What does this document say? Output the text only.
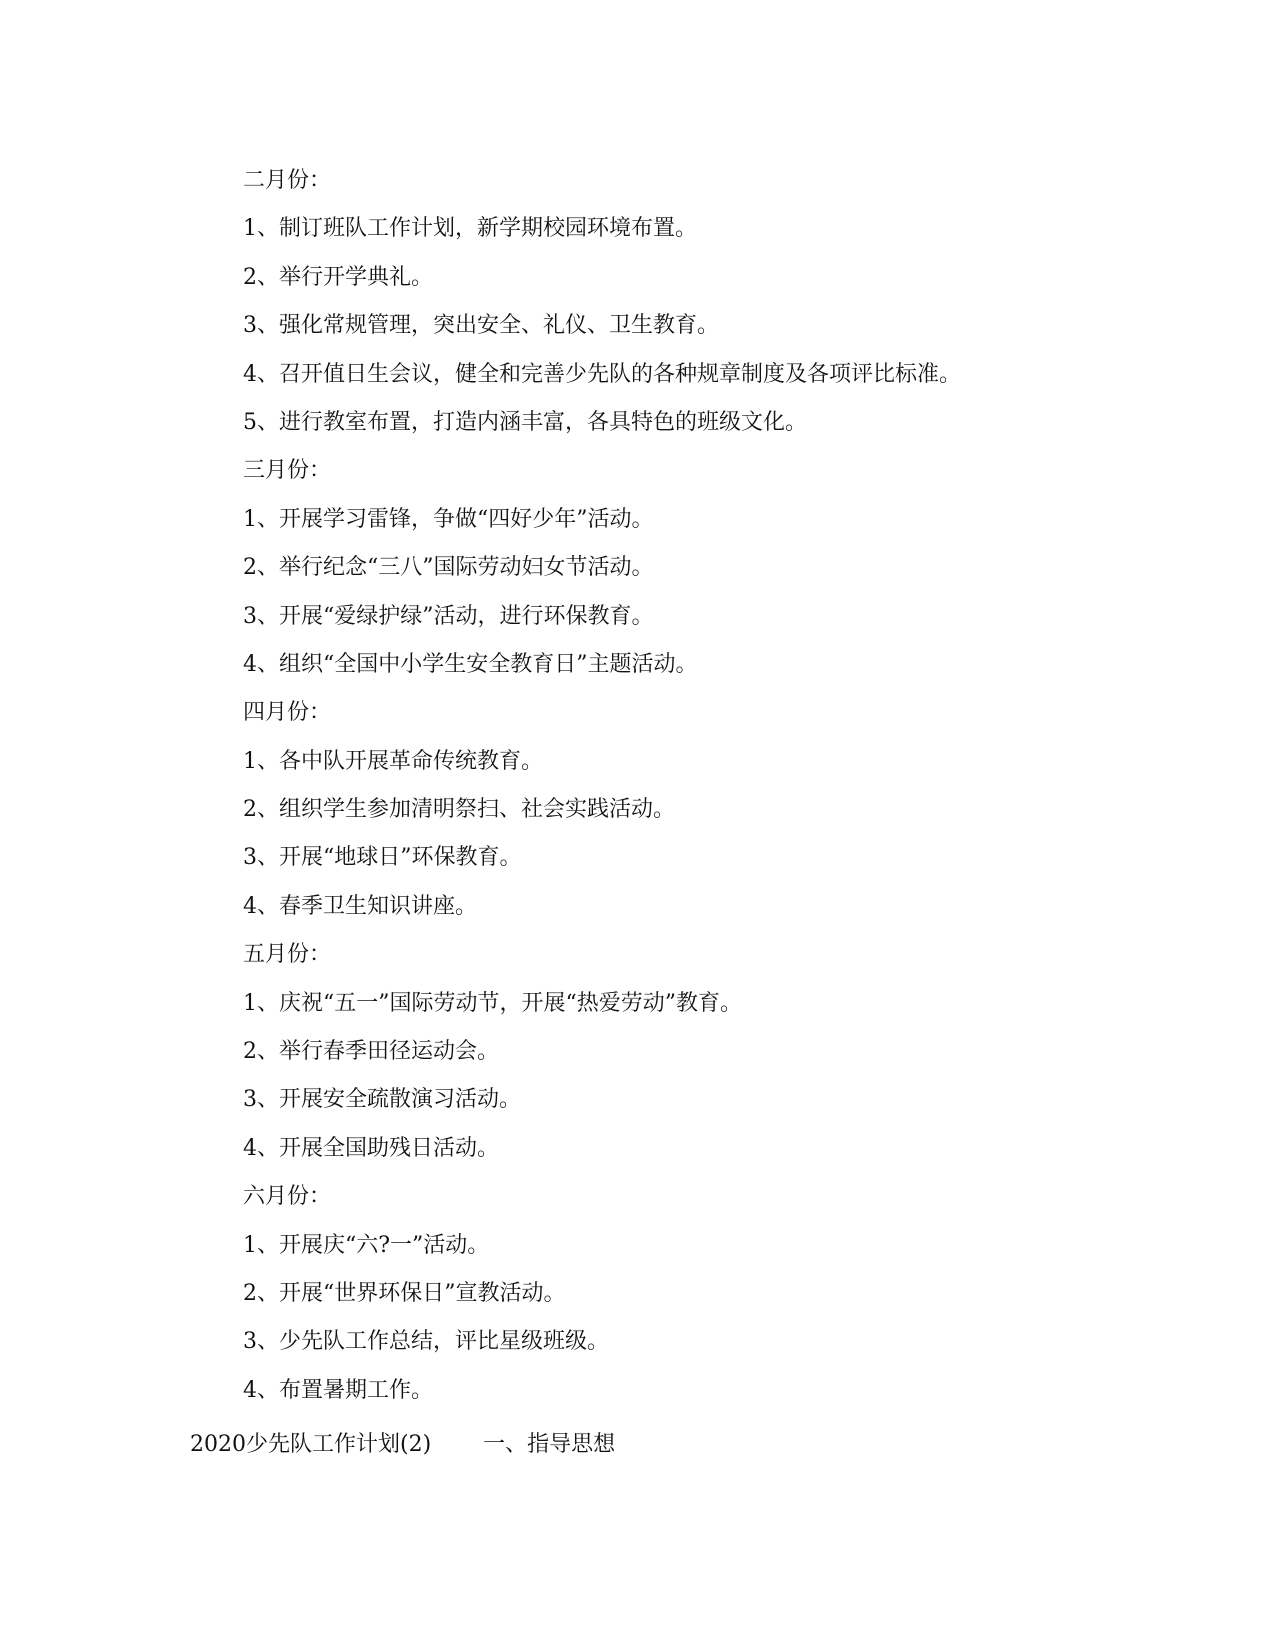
二月份：
1、制订班队工作计划，新学期校园环境布置。
2、举行开学典礼。
3、强化常规管理，突出安全、礼仪、卫生教育。
4、召开值日生会议，健全和完善少先队的各种规章制度及各项评比标准。
5、进行教室布置，打造内涵丰富，各具特色的班级文化。
三月份：
1、开展学习雷锋，争做“四好少年”活动。
2、举行纪念“三八”国际劳动妇女节活动。
3、开展“爱绿护绿”活动，进行环保教育。
4、组织“全国中小学生安全教育日”主题活动。
四月份：
1、各中队开展革命传统教育。
2、组织学生参加清明祭扫、社会实践活动。
3、开展“地球日”环保教育。
4、春季卫生知识讲座。
五月份：
1、庆祝“五一”国际劳动节，开展“热爱劳动”教育。
2、举行春季田径运动会。
3、开展安全疏散演习活动。
4、开展全国助残日活动。
六月份：
1、开展庆“六?一”活动。
2、开展“世界环保日”宣教活动。
3、少先队工作总结，评比星级班级。
4、布置暑期工作。
2020少先队工作计划(2) 一、指导思想
